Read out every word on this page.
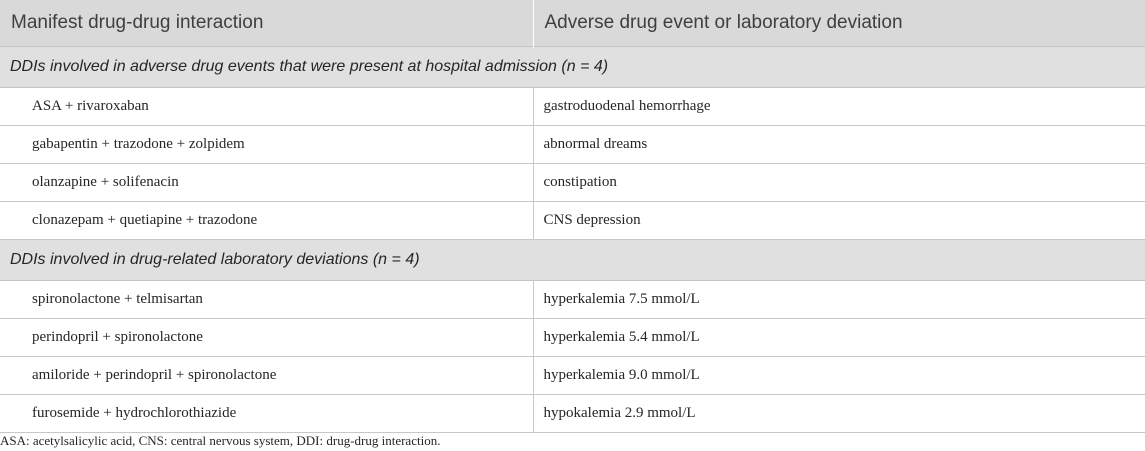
Manifest drug-drug interaction	Adverse drug event or laboratory deviation
DDIs involved in adverse drug events that were present at hospital admission (n = 4)	
ASA + rivaroxaban	gastroduodenal hemorrhage
gabapentin + trazodone + zolpidem	abnormal dreams
olanzapine + solifenacin	constipation
clonazepam + quetiapine + trazodone	CNS depression
DDIs involved in drug-related laboratory deviations (n = 4)	
spironolactone + telmisartan	hyperkalemia 7.5 mmol/L
perindopril + spironolactone	hyperkalemia 5.4 mmol/L
amiloride + perindopril + spironolactone	hyperkalemia 9.0 mmol/L
furosemide + hydrochlorothiazide	hypokalemia 2.9 mmol/L

ASA: acetylsalicylic acid, CNS: central nervous system, DDI: drug-drug interaction.
